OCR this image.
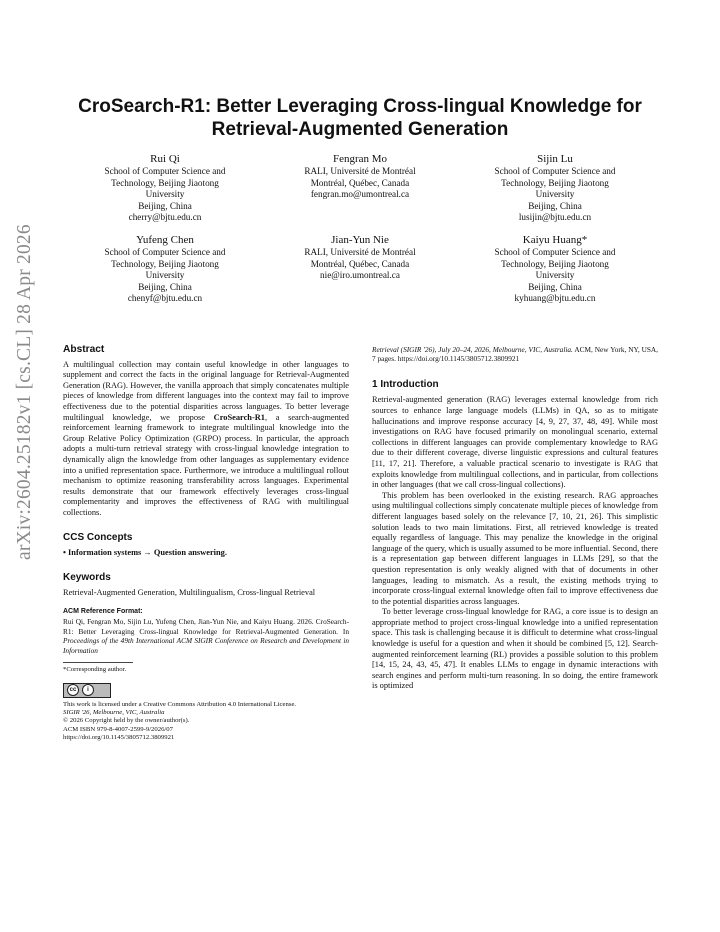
arXiv:2604.25182v1 [cs.CL] 28 Apr 2026
CroSearch-R1: Better Leveraging Cross-lingual Knowledge for Retrieval-Augmented Generation
Rui Qi
School of Computer Science and
Technology, Beijing Jiaotong
University
Beijing, China
cherry@bjtu.edu.cn
Fengran Mo
RALI, Université de Montréal
Montréal, Québec, Canada
fengran.mo@umontreal.ca
Sijin Lu
School of Computer Science and
Technology, Beijing Jiaotong
University
Beijing, China
lusijin@bjtu.edu.cn
Yufeng Chen
School of Computer Science and
Technology, Beijing Jiaotong
University
Beijing, China
chenyf@bjtu.edu.cn
Jian-Yun Nie
RALI, Université de Montréal
Montréal, Québec, Canada
nie@iro.umontreal.ca
Kaiyu Huang*
School of Computer Science and
Technology, Beijing Jiaotong
University
Beijing, China
kyhuang@bjtu.edu.cn
Abstract

A multilingual collection may contain useful knowledge in other languages to supplement and correct the facts in the original language for Retrieval-Augmented Generation (RAG). However, the vanilla approach that simply concatenates multiple pieces of knowledge from different languages into the context may fail to improve effectiveness due to the potential disparities across languages. To better leverage multilingual knowledge, we propose CroSearch-R1, a search-augmented reinforcement learning framework to integrate multilingual knowledge into the Group Relative Policy Optimization (GRPO) process. In particular, the approach adopts a multi-turn retrieval strategy with cross-lingual knowledge integration to dynamically align the knowledge from other languages as supplementary evidence into a unified representation space. Furthermore, we introduce a multilingual rollout mechanism to optimize reasoning transferability across languages. Experimental results demonstrate that our framework effectively leverages cross-lingual complementarity and improves the effectiveness of RAG with multilingual collections.

CCS Concepts

• Information systems → Question answering.

Keywords

Retrieval-Augmented Generation, Multilingualism, Cross-lingual Retrieval

ACM Reference Format:

Rui Qi, Fengran Mo, Sijin Lu, Yufeng Chen, Jian-Yun Nie, and Kaiyu Huang. 2026. CroSearch-R1: Better Leveraging Cross-lingual Knowledge for Retrieval-Augmented Generation. In Proceedings of the 49th International ACM SIGIR Conference on Research and Development in Information

*Corresponding author.

cc	i

This work is licensed under a Creative Commons Attribution 4.0 International License.

SIGIR '26, Melbourne, VIC, Australia

© 2026 Copyright held by the owner/author(s).

ACM ISBN 979-8-4007-2599-9/2026/07

https://doi.org/10.1145/3805712.3809921

Retrieval (SIGIR '26), July 20–24, 2026, Melbourne, VIC, Australia. ACM, New York, NY, USA, 7 pages. https://doi.org/10.1145/3805712.3809921

1 Introduction

Retrieval-augmented generation (RAG) leverages external knowledge from rich sources to enhance large language models (LLMs) in QA, so as to mitigate hallucinations and improve response accuracy [4, 9, 27, 37, 48, 49]. While most investigations on RAG have focused primarily on monolingual scenario, external collections in different languages can provide complementary knowledge to RAG due to their different coverage, diverse linguistic expressions and cultural features [11, 17, 21]. Therefore, a valuable practical scenario to investigate is RAG that exploits knowledge from multilingual collections, and in particular, from collections in other languages (that we call cross-lingual collections).

This problem has been overlooked in the existing research. RAG approaches using multilingual collections simply concatenate multiple pieces of knowledge from different languages based solely on the relevance [7, 10, 21, 26]. This simplistic solution leads to two main limitations. First, all retrieved knowledge is treated equally regardless of language. This may penalize the knowledge in the original language of the query, which is usually assumed to be more influential. Second, there is a representation gap between different languages in LLMs [29], so that the question representation is only weakly aligned with that of documents in other languages, leading to mismatch. As a result, the existing methods trying to incorporate cross-lingual external knowledge often fail to improve effectiveness due to the potential disparities across languages.

To better leverage cross-lingual knowledge for RAG, a core issue is to design an appropriate method to project cross-lingual knowledge into a unified representation space. This task is challenging because it is difficult to determine what cross-lingual knowledge is useful for a question and when it should be combined [5, 12]. Search-augmented reinforcement learning (RL) provides a possible solution to this problem [14, 15, 24, 43, 45, 47]. It enables LLMs to engage in dynamic interactions with search engines and perform multi-turn reasoning. In so doing, the entire framework is optimized
